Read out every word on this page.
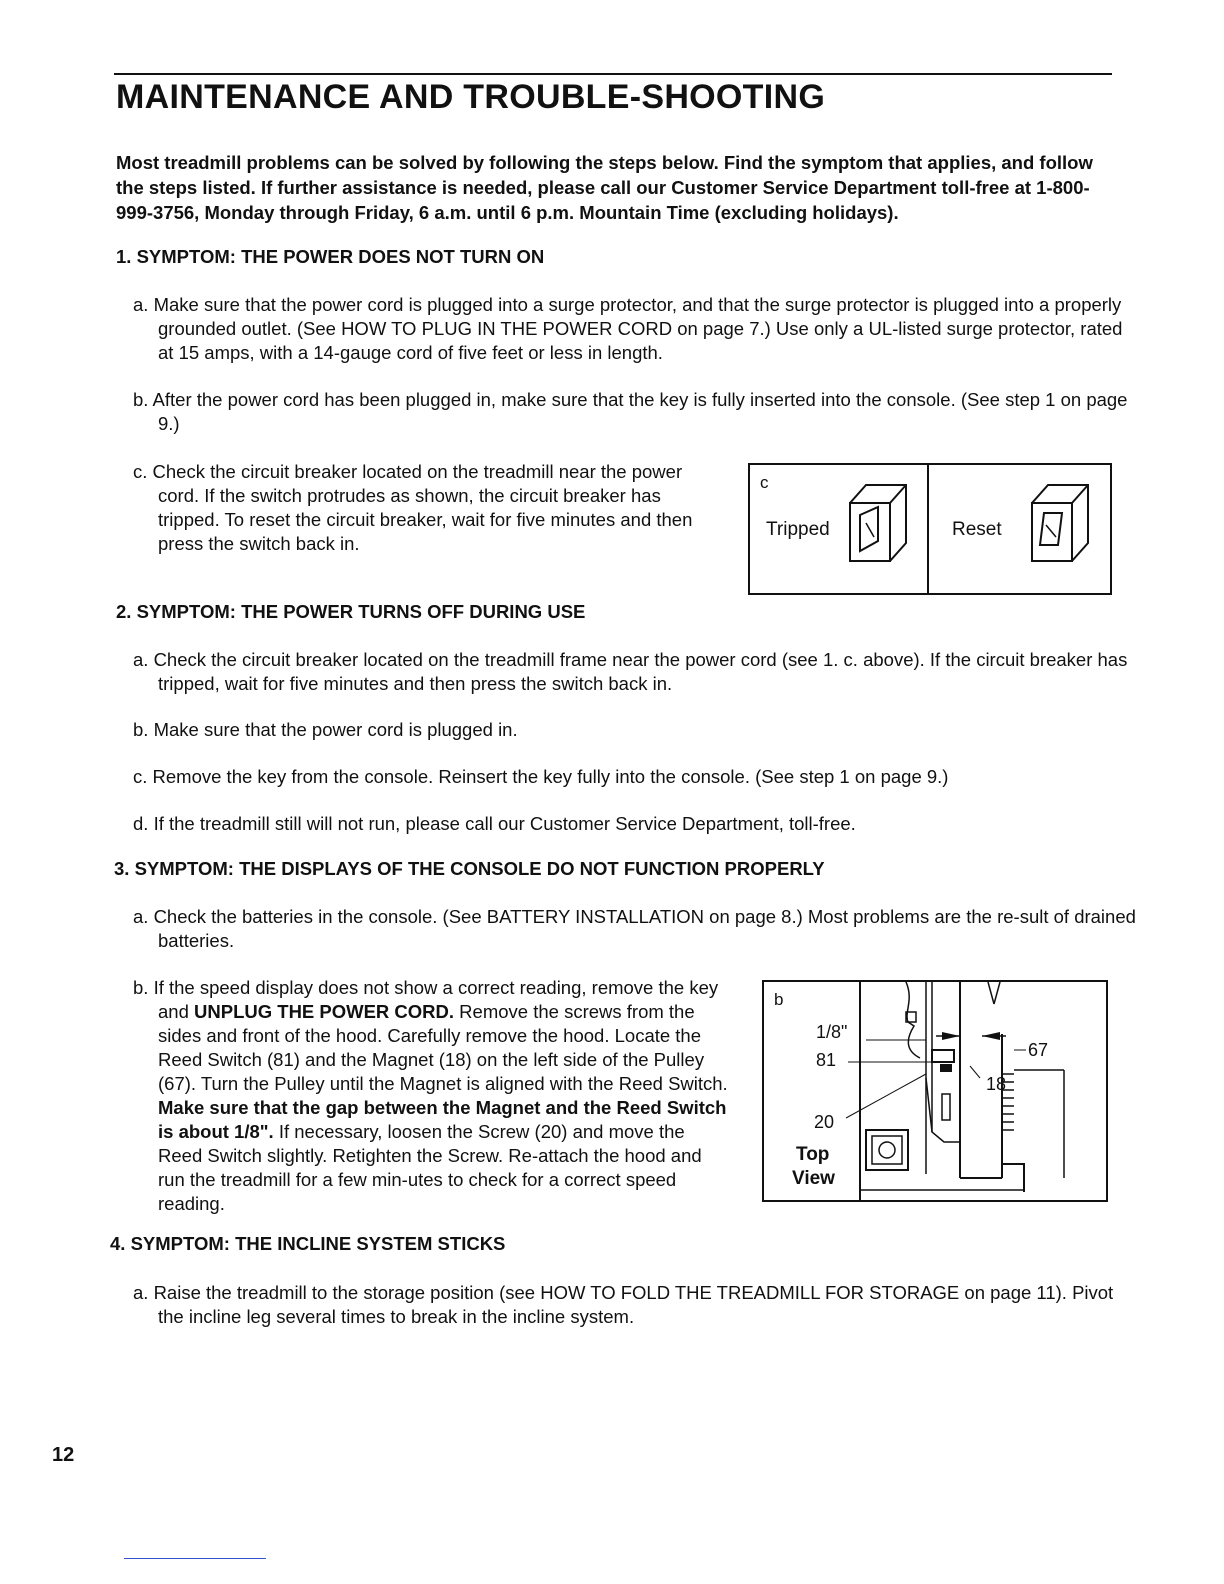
MAINTENANCE AND TROUBLE-SHOOTING

Most treadmill problems can be solved by following the steps below. Find the symptom that applies, and follow the steps listed. If further assistance is needed, please call our Customer Service Department toll-free at 1-800-999-3756, Monday through Friday, 6 a.m. until 6 p.m. Mountain Time (excluding holidays).

1. SYMPTOM: THE POWER DOES NOT TURN ON

a. Make sure that the power cord is plugged into a surge protector, and that the surge protector is plugged into a properly grounded outlet. (See HOW TO PLUG IN THE POWER CORD on page 7.) Use only a UL-listed surge protector, rated at 15 amps, with a 14-gauge cord of five feet or less in length.

b. After the power cord has been plugged in, make sure that the key is fully inserted into the console. (See step 1 on page 9.)

c. Check the circuit breaker located on the treadmill near the power cord. If the switch protrudes as shown, the circuit breaker has tripped. To reset the circuit breaker, wait for five minutes and then press the switch back in.

c
Tripped	Reset

2. SYMPTOM: THE POWER TURNS OFF DURING USE

a. Check the circuit breaker located on the treadmill frame near the power cord (see 1. c. above). If the circuit breaker has tripped, wait for five minutes and then press the switch back in.

b. Make sure that the power cord is plugged in.

c. Remove the key from the console. Reinsert the key fully into the console. (See step 1 on page 9.)

d. If the treadmill still will not run, please call our Customer Service Department, toll-free.

3. SYMPTOM: THE DISPLAYS OF THE CONSOLE DO NOT FUNCTION PROPERLY

a. Check the batteries in the console. (See BATTERY INSTALLATION on page 8.) Most problems are the re-sult of drained batteries.

b. If the speed display does not show a correct reading, remove the key and UNPLUG THE POWER CORD. Remove the screws from the sides and front of the hood. Carefully remove the hood. Locate the Reed Switch (81) and the Magnet (18) on the left side of the Pulley (67). Turn the Pulley until the Magnet is aligned with the Reed Switch. Make sure that the gap between the Magnet and the Reed Switch is about 1/8". If necessary, loosen the Screw (20) and move the Reed Switch slightly. Retighten the Screw. Re-attach the hood and run the treadmill for a few min-utes to check for a correct speed reading.

b
1/8"
81	67
18
20
Top
View

4. SYMPTOM: THE INCLINE SYSTEM STICKS

a. Raise the treadmill to the storage position (see HOW TO FOLD THE TREADMILL FOR STORAGE on page 11). Pivot the incline leg several times to break in the incline system.

12
